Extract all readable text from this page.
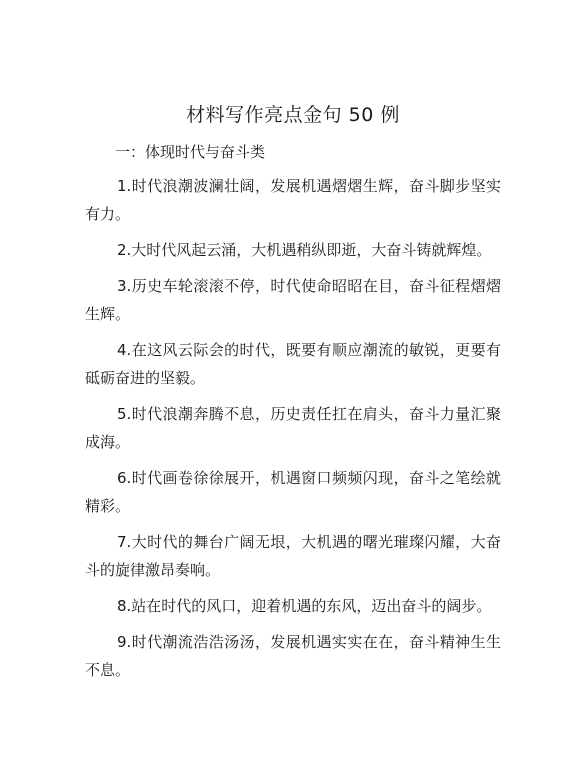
材料写作亮点金句 50 例

一：体现时代与奋斗类

1.时代浪潮波澜壮阔，发展机遇熠熠生辉，奋斗脚步坚实有力。

2.大时代风起云涌，大机遇稍纵即逝，大奋斗铸就辉煌。

3.历史车轮滚滚不停，时代使命昭昭在目，奋斗征程熠熠生辉。

4.在这风云际会的时代，既要有顺应潮流的敏锐，更要有砥砺奋进的坚毅。

5.时代浪潮奔腾不息，历史责任扛在肩头，奋斗力量汇聚成海。

6.时代画卷徐徐展开，机遇窗口频频闪现，奋斗之笔绘就精彩。

7.大时代的舞台广阔无垠，大机遇的曙光璀璨闪耀，大奋斗的旋律激昂奏响。

8.站在时代的风口，迎着机遇的东风，迈出奋斗的阔步。

9.时代潮流浩浩汤汤，发展机遇实实在在，奋斗精神生生不息。
